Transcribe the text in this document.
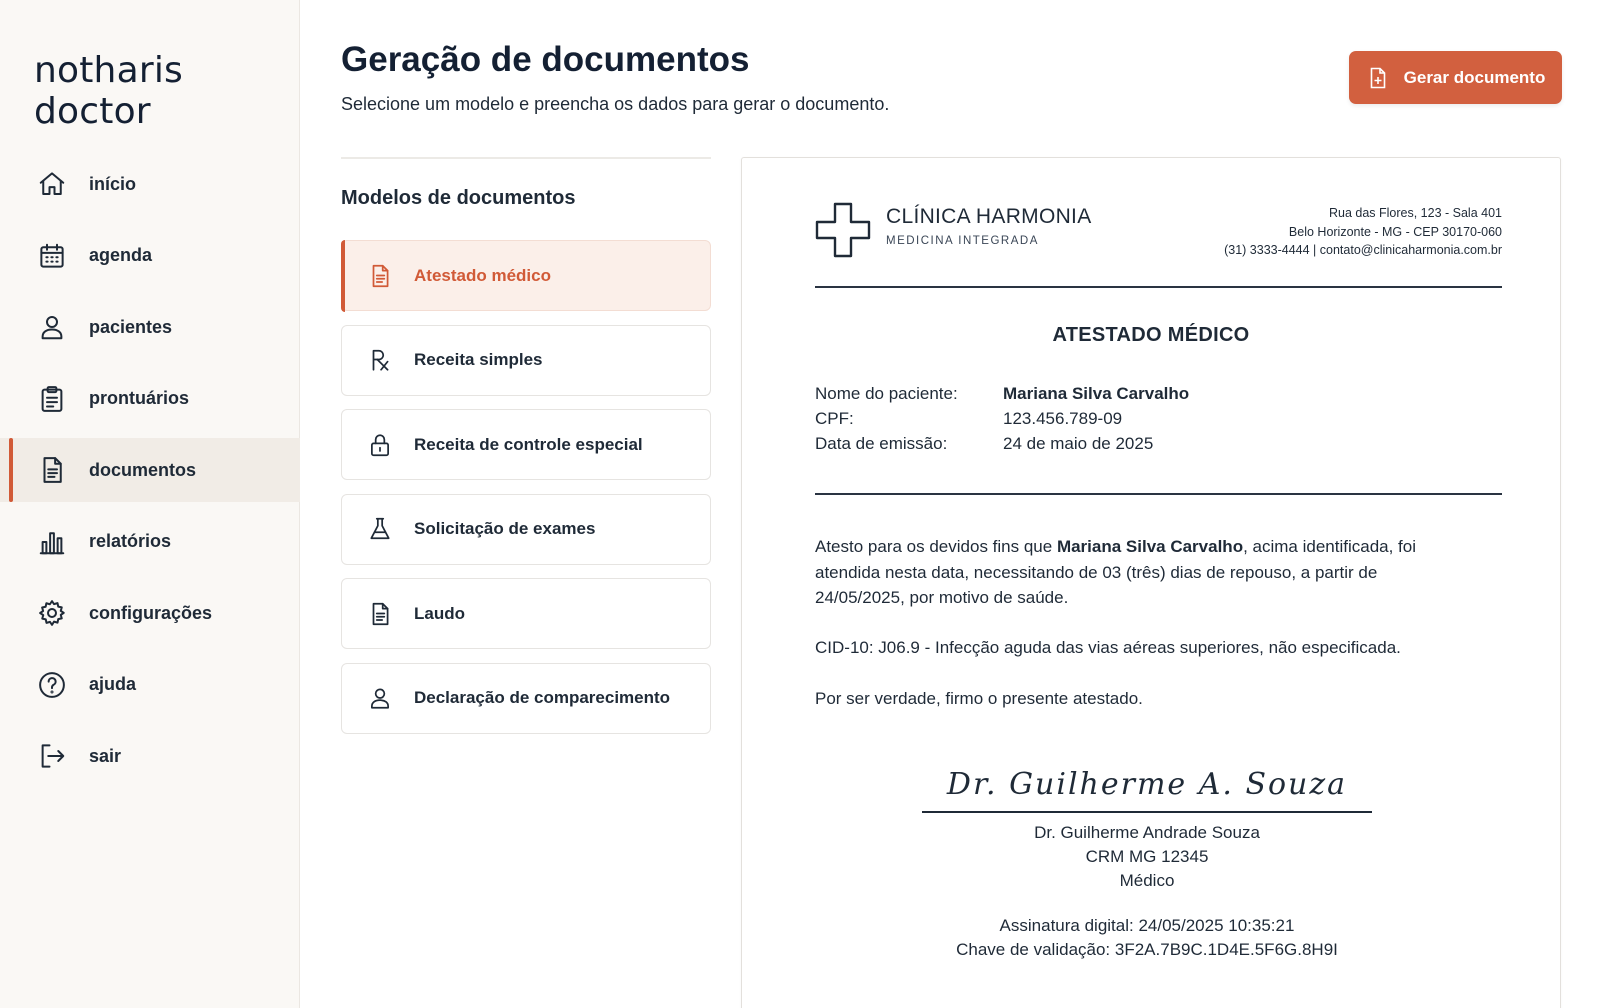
notharis doctor
início
agenda
pacientes
prontuários
documentos
relatórios
configurações
ajuda
sair
Geração de documentos

Selecione um modelo e preencha os dados para gerar o documento.

Gerar documento
Modelos de documentos
Atestado médico
Receita simples
Receita de controle especial
Solicitação de exames
Laudo
Declaração de comparecimento
CLÍNICA HARMONIA
MEDICINA INTEGRADA
Rua das Flores, 123 - Sala 401
Belo Horizonte - MG - CEP 30170-060
(31) 3333-4444 | contato@clinicaharmonia.com.br
ATESTADO MÉDICO
Nome do paciente:	Mariana Silva Carvalho
CPF:	123.456.789-09
Data de emissão:	24 de maio de 2025

Atesto para os devidos fins que Mariana Silva Carvalho, acima identificada, foi atendida nesta data, necessitando de 03 (três) dias de repouso, a partir de 24/05/2025, por motivo de saúde.

CID-10: J06.9 - Infecção aguda das vias aéreas superiores, não especificada.

Por ser verdade, firmo o presente atestado.

Dr. Guilherme A. Souza
Dr. Guilherme Andrade Souza
CRM MG 12345
Médico
Assinatura digital: 24/05/2025 10:35:21
Chave de validação: 3F2A.7B9C.1D4E.5F6G.8H9I
